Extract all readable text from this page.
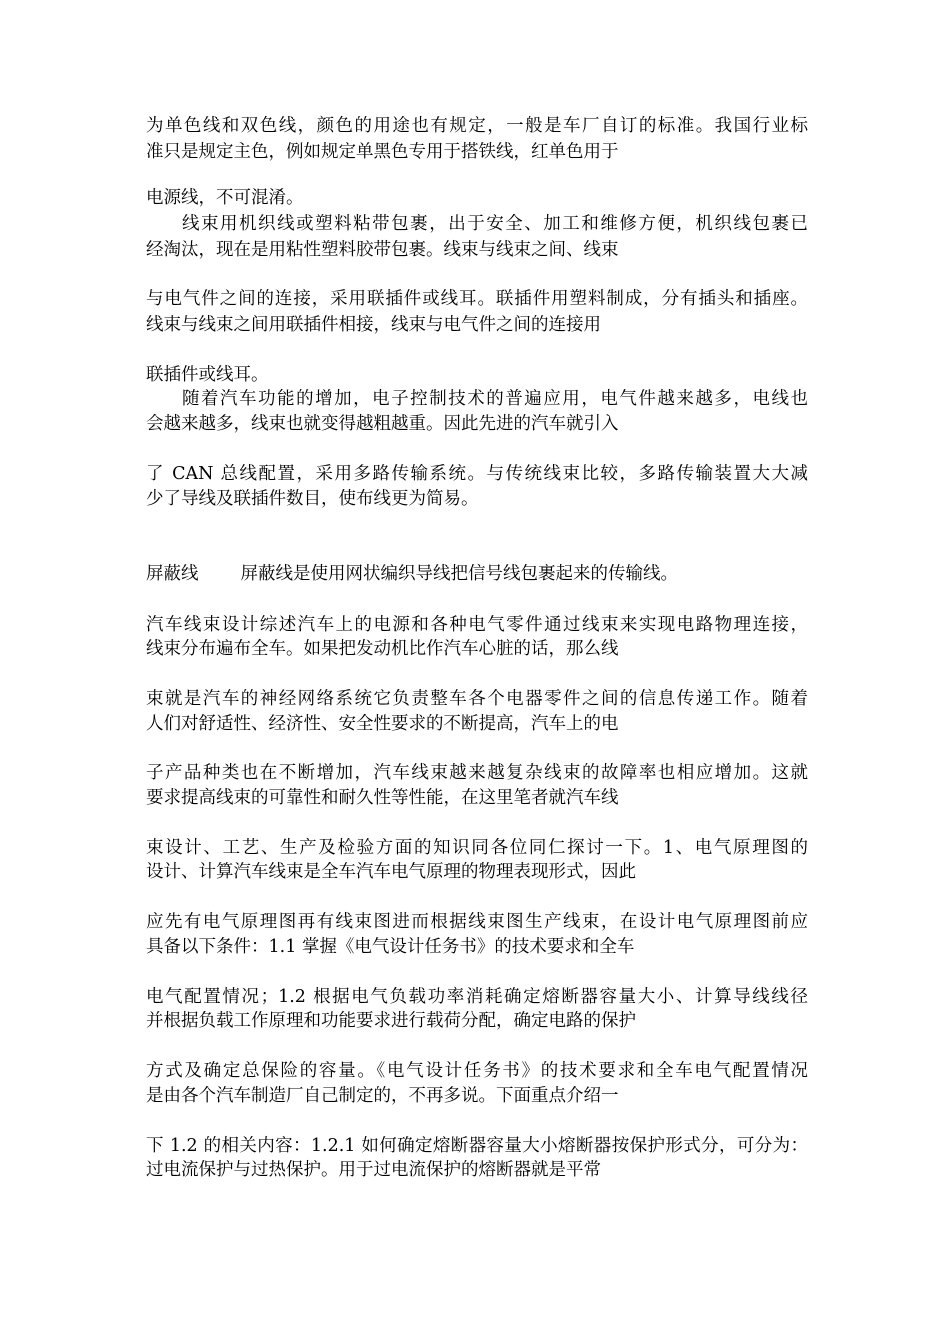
为单色线和双色线，颜色的用途也有规定，一般是车厂自订的标准。我国行业标
准只是规定主色，例如规定单黑色专用于搭铁线，红单色用于
电源线，不可混淆。
线束用机织线或塑料粘带包裹，出于安全、加工和维修方便，机织线包裹已
经淘汰，现在是用粘性塑料胶带包裹。线束与线束之间、线束
与电气件之间的连接，采用联插件或线耳。联插件用塑料制成，分有插头和插座。
线束与线束之间用联插件相接，线束与电气件之间的连接用
联插件或线耳。
随着汽车功能的增加，电子控制技术的普遍应用，电气件越来越多，电线也
会越来越多，线束也就变得越粗越重。因此先进的汽车就引入
了 CAN 总线配置，采用多路传输系统。与传统线束比较，多路传输装置大大减
少了导线及联插件数目，使布线更为简易。
屏蔽线 屏蔽线是使用网状编织导线把信号线包裹起来的传输线。
汽车线束设计综述汽车上的电源和各种电气零件通过线束来实现电路物理连接，
线束分布遍布全车。如果把发动机比作汽车心脏的话，那么线
束就是汽车的神经网络系统它负责整车各个电器零件之间的信息传递工作。随着
人们对舒适性、经济性、安全性要求的不断提高，汽车上的电
子产品种类也在不断增加，汽车线束越来越复杂线束的故障率也相应增加。这就
要求提高线束的可靠性和耐久性等性能，在这里笔者就汽车线
束设计、工艺、生产及检验方面的知识同各位同仁探讨一下。1、电气原理图的
设计、计算汽车线束是全车汽车电气原理的物理表现形式，因此
应先有电气原理图再有线束图进而根据线束图生产线束，在设计电气原理图前应
具备以下条件：1.1 掌握《电气设计任务书》的技术要求和全车
电气配置情况；1.2 根据电气负载功率消耗确定熔断器容量大小、计算导线线径
并根据负载工作原理和功能要求进行载荷分配，确定电路的保护
方式及确定总保险的容量。《电气设计任务书》的技术要求和全车电气配置情况
是由各个汽车制造厂自己制定的，不再多说。下面重点介绍一
下 1.2 的相关内容：1.2.1 如何确定熔断器容量大小熔断器按保护形式分，可分为：
过电流保护与过热保护。用于过电流保护的熔断器就是平常
